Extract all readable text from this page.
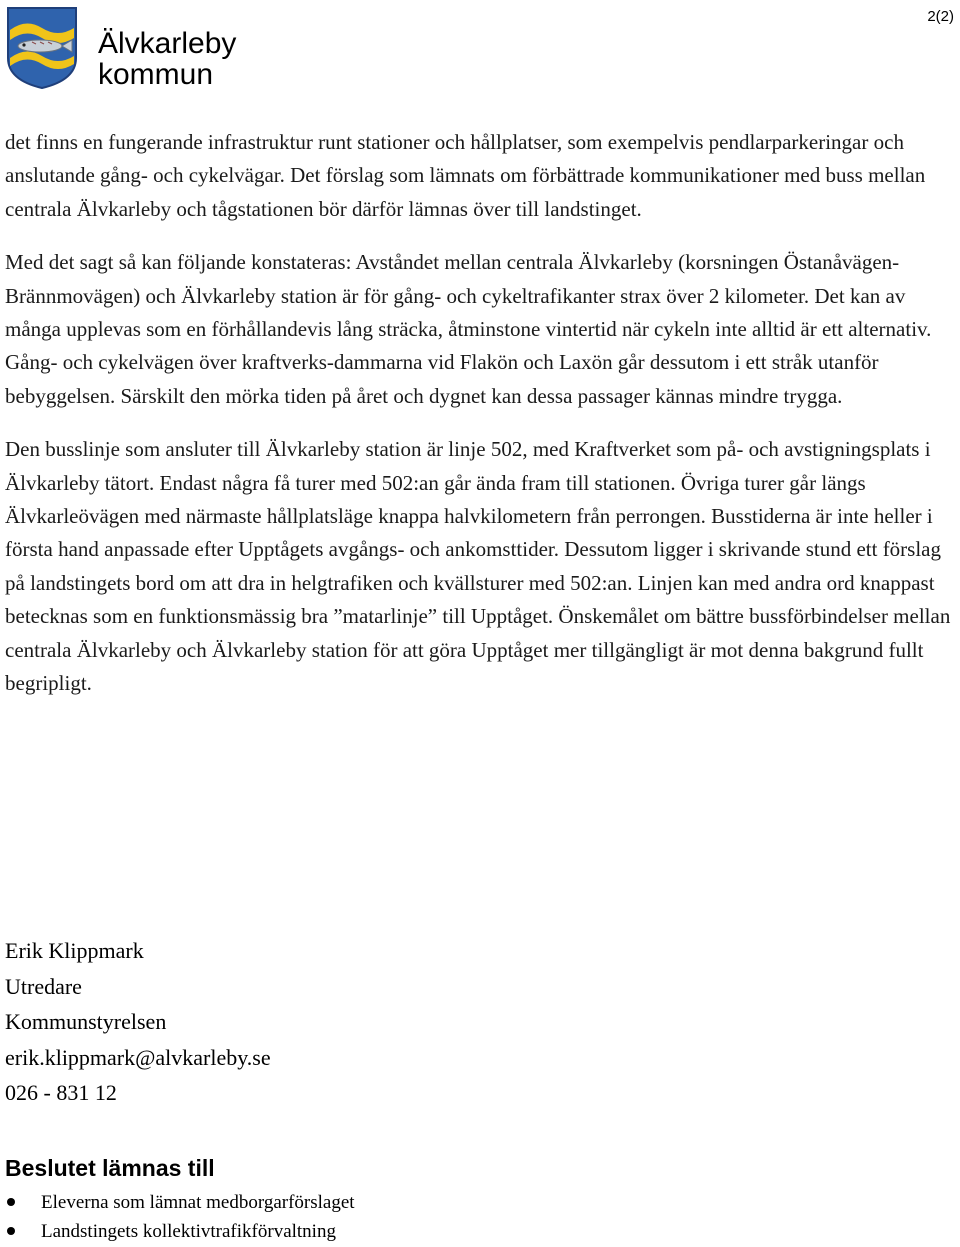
Älvkarleby
kommun
2(2)

det finns en fungerande infrastruktur runt stationer och hållplatser, som exempelvis pendlarparkeringar och anslutande gång- och cykelvägar. Det förslag som lämnats om förbättrade kommunikationer med buss mellan centrala Älvkarleby och tågstationen bör därför lämnas över till landstinget.

Med det sagt så kan följande konstateras: Avståndet mellan centrala Älvkarleby (korsningen Östanåvägen-Brännmovägen) och Älvkarleby station är för gång- och cykeltrafikanter strax över 2 kilometer. Det kan av många upplevas som en förhållandevis lång sträcka, åtminstone vintertid när cykeln inte alltid är ett alternativ. Gång- och cykelvägen över kraftverks-dammarna vid Flakön och Laxön går dessutom i ett stråk utanför bebyggelsen. Särskilt den mörka tiden på året och dygnet kan dessa passager kännas mindre trygga.

Den busslinje som ansluter till Älvkarleby station är linje 502, med Kraftverket som på- och avstigningsplats i Älvkarleby tätort. Endast några få turer med 502:an går ända fram till stationen. Övriga turer går längs Älvkarleövägen med närmaste hållplatsläge knappa halvkilometern från perrongen. Busstiderna är inte heller i första hand anpassade efter Upptågets avgångs- och ankomsttider. Dessutom ligger i skrivande stund ett förslag på landstingets bord om att dra in helgtrafiken och kvällsturer med 502:an. Linjen kan med andra ord knappast betecknas som en funktionsmässig bra ”matarlinje” till Upptåget. Önskemålet om bättre bussförbindelser mellan centrala Älvkarleby och Älvkarleby station för att göra Upptåget mer tillgängligt är mot denna bakgrund fullt begripligt.

Erik Klippmark
Utredare
Kommunstyrelsen
erik.klippmark@alvkarleby.se
026 - 831 12
Beslutet lämnas till
Eleverna som lämnat medborgarförslaget
Landstingets kollektivtrafikförvaltning
